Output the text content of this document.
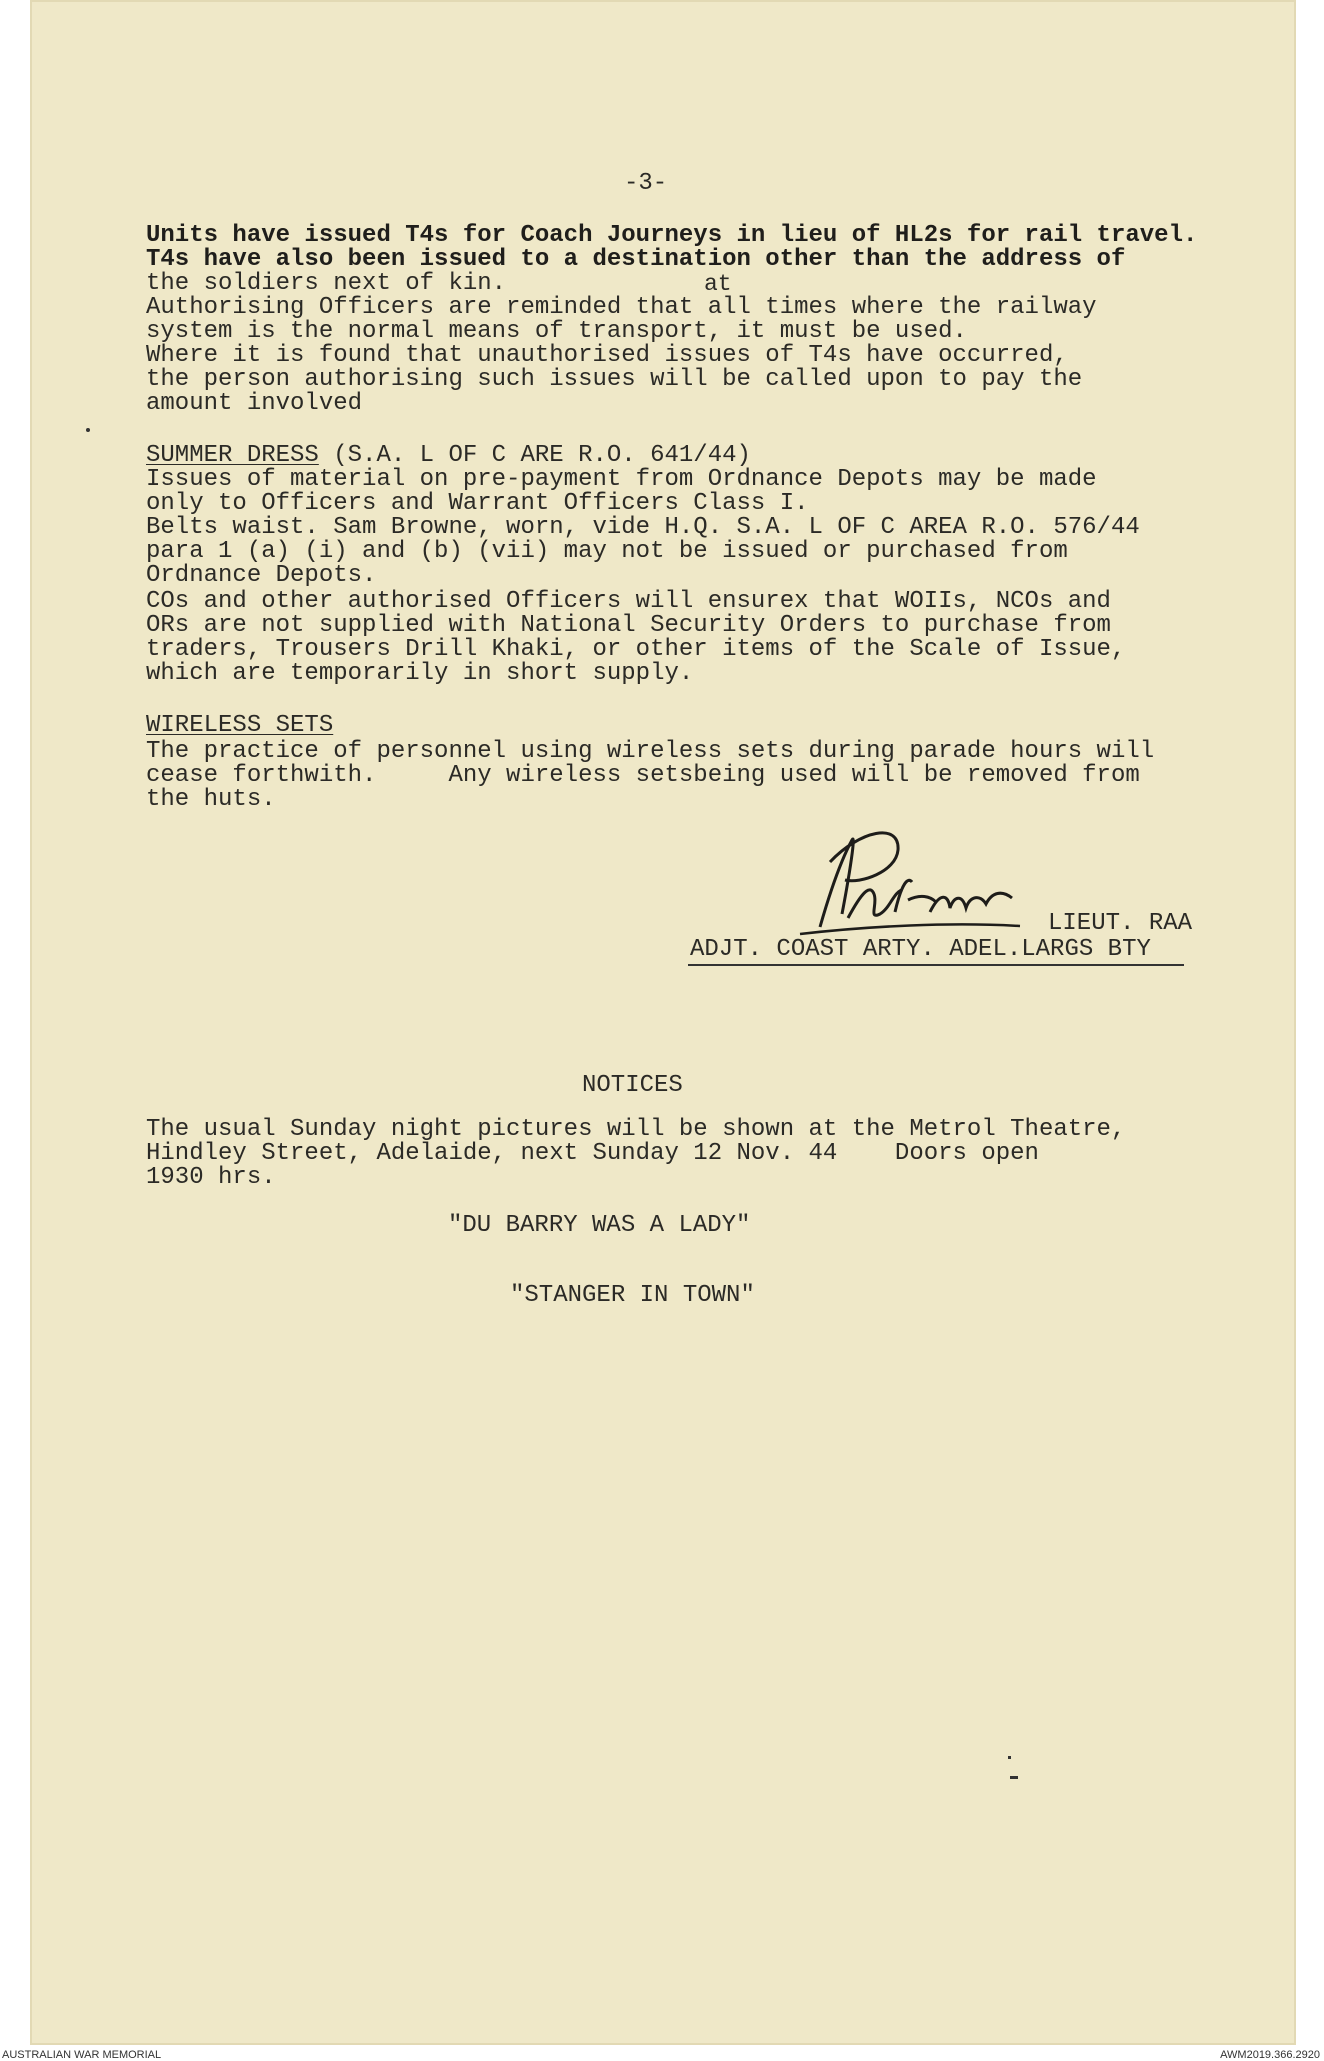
-3-
Units have issued T4s for Coach Journeys in lieu of HL2s for rail travel.
T4s have also been issued to a destination other than the address of
the soldiers next of kin.	at
Authorising Officers are reminded that all times where the railway
system is the normal means of transport, it must be used.
Where it is found that unauthorised issues of T4s have occurred,
the person authorising such issues will be called upon to pay the
amount involved
SUMMER DRESS (S.A. L OF C ARE R.O. 641/44)
Issues of material on pre-payment from Ordnance Depots may be made
only to Officers and Warrant Officers Class I.
Belts waist. Sam Browne, worn, vide H.Q. S.A. L OF C AREA R.O. 576/44
para 1 (a) (i) and (b) (vii) may not be issued or purchased from
Ordnance Depots.
COs and other authorised Officers will ensurex that WOIIs, NCOs and
ORs are not supplied with National Security Orders to purchase from
traders, Trousers Drill Khaki, or other items of the Scale of Issue,
which are temporarily in short supply.
WIRELESS SETS
The practice of personnel using wireless sets during parade hours will
cease forthwith.     Any wireless setsbeing used will be removed from
the huts.
LIEUT. RAA
ADJT. COAST ARTY. ADEL.LARGS BTY
NOTICES
The usual Sunday night pictures will be shown at the Metrol Theatre,
Hindley Street, Adelaide, next Sunday 12 Nov. 44    Doors open
1930 hrs.
"DU BARRY WAS A LADY"
"STANGER IN TOWN"
AUSTRALIAN WAR MEMORIAL	AWM2019.366.2920
